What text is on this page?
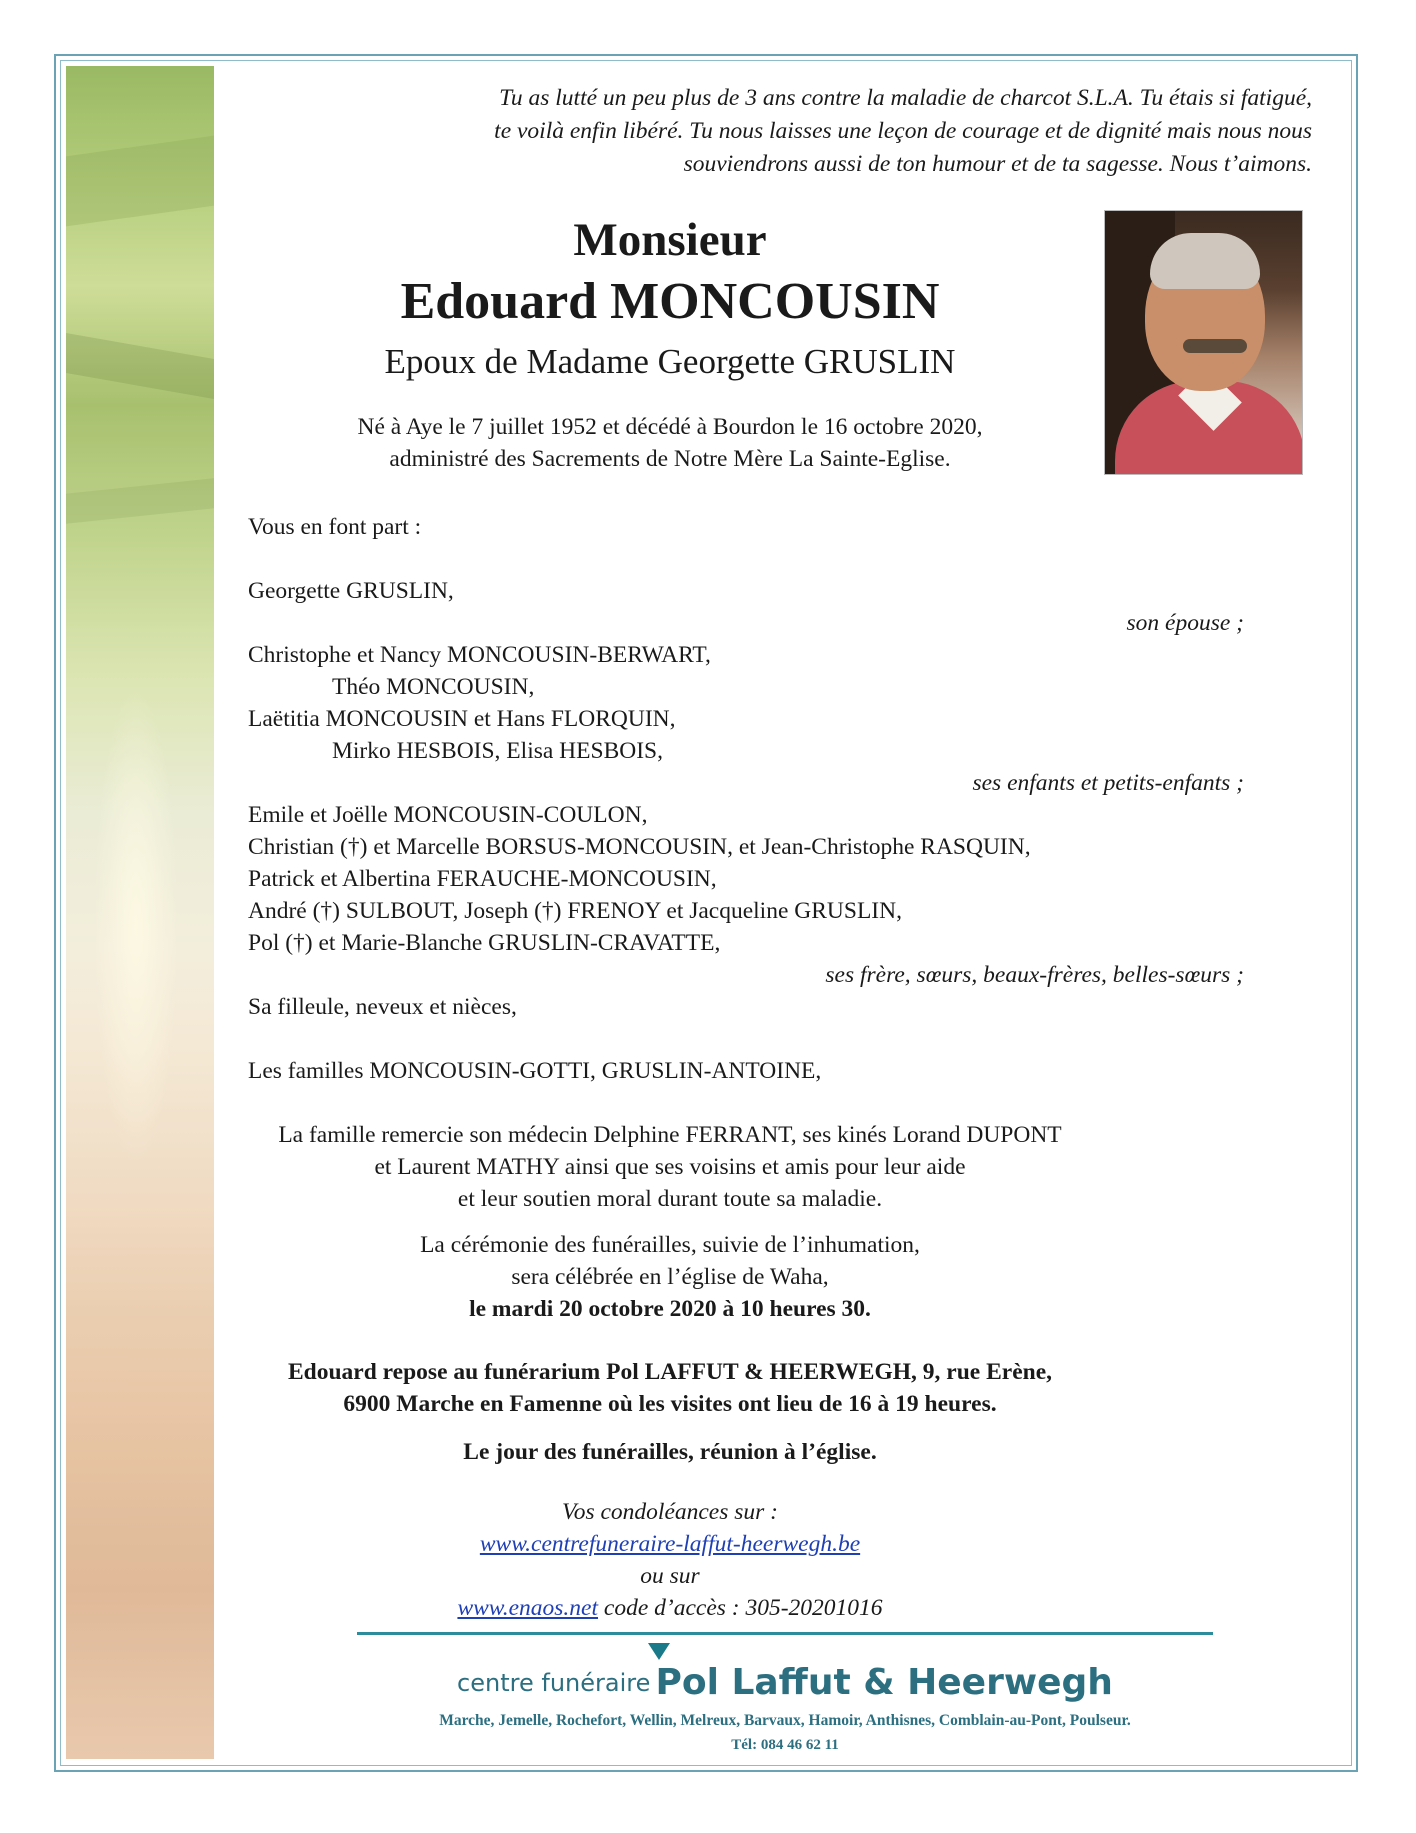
Tu as lutté un peu plus de 3 ans contre la maladie de charcot S.L.A. Tu étais si fatigué,
te voilà enfin libéré. Tu nous laisses une leçon de courage et de dignité mais nous nous
souviendrons aussi de ton humour et de ta sagesse. Nous t’aimons.
Monsieur
Edouard MONCOUSIN
Epoux de Madame Georgette GRUSLIN
Né à Aye le 7 juillet 1952 et décédé à Bourdon le 16 octobre 2020,
administré des Sacrements de Notre Mère La Sainte-Eglise.
Vous en font part :
Georgette GRUSLIN,
son épouse ;
Christophe et Nancy MONCOUSIN-BERWART,
Théo MONCOUSIN,
Laëtitia MONCOUSIN et Hans FLORQUIN,
Mirko HESBOIS, Elisa HESBOIS,
ses enfants et petits-enfants ;
Emile et Joëlle MONCOUSIN-COULON,
Christian (†) et Marcelle BORSUS-MONCOUSIN, et Jean-Christophe RASQUIN,
Patrick et Albertina FERAUCHE-MONCOUSIN,
André (†) SULBOUT, Joseph (†) FRENOY et Jacqueline GRUSLIN,
Pol (†) et Marie-Blanche GRUSLIN-CRAVATTE,
ses frère, sœurs, beaux-frères, belles-sœurs ;
Sa filleule, neveux et nièces,
Les familles MONCOUSIN-GOTTI, GRUSLIN-ANTOINE,
La famille remercie son médecin Delphine FERRANT, ses kinés Lorand DUPONT
et Laurent MATHY ainsi que ses voisins et amis pour leur aide
et leur soutien moral durant toute sa maladie.
La cérémonie des funérailles, suivie de l’inhumation,
sera célébrée en l’église de Waha,
le mardi 20 octobre 2020 à 10 heures 30.
Edouard repose au funérarium Pol LAFFUT & HEERWEGH, 9, rue Erène,
6900 Marche en Famenne où les visites ont lieu de 16 à 19 heures.
Le jour des funérailles, réunion à l’église.
Vos condoléances sur :
www.centrefuneraire-laffut-heerwegh.be
ou sur
www.enaos.net code d’accès : 305-20201016
centre funéraire Pol Laffut & Heerwegh
Marche, Jemelle, Rochefort, Wellin, Melreux, Barvaux, Hamoir, Anthisnes, Comblain-au-Pont, Poulseur.
Tél: 084 46 62 11
